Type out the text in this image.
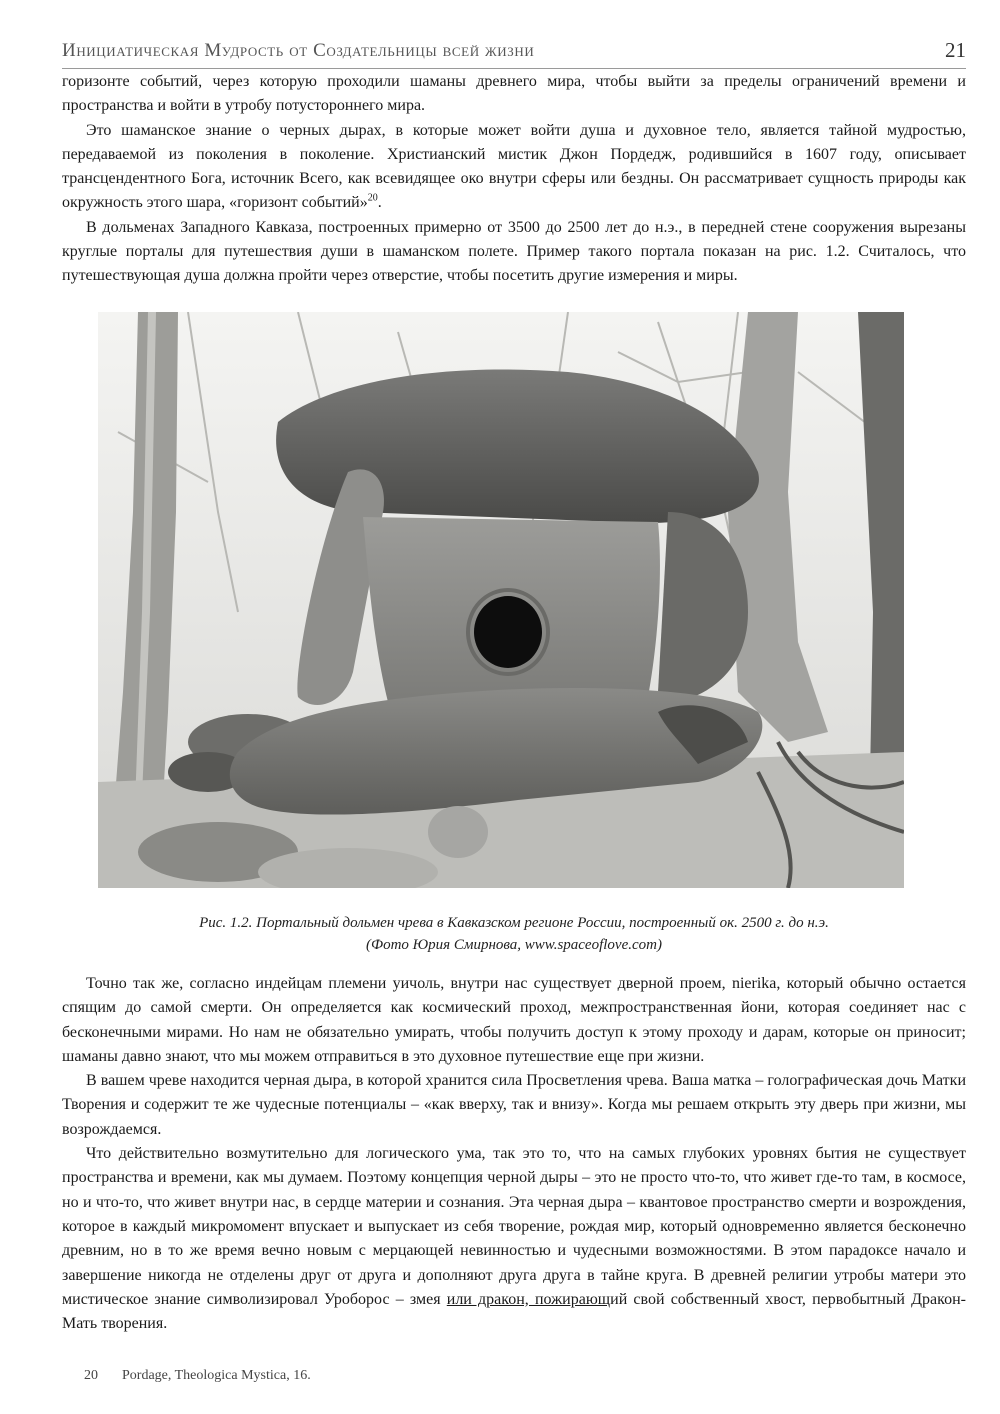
Инициатическая Мудрость от Создательницы всей жизни	21

горизонте событий, через которую проходили шаманы древнего мира, чтобы выйти за пределы ограничений времени и пространства и войти в утробу потустороннего мира.

Это шаманское знание о черных дырах, в которые может войти душа и духовное тело, является тайной мудростью, передаваемой из поколения в поколение. Христианский мистик Джон Пордедж, родившийся в 1607 году, описывает трансцендентного Бога, источник Всего, как всевидящее око внутри сферы или бездны. Он рассматривает сущность природы как окружность этого шара, «горизонт событий»$^{20}$.

В дольменах Западного Кавказа, построенных примерно от 3500 до 2500 лет до н.э., в передней стене сооружения вырезаны круглые порталы для путешествия души в шаманском полете. Пример такого портала показан на рис. 1.2. Считалось, что путешествующая душа должна пройти через отверстие, чтобы посетить другие измерения и миры.

Рис. 1.2. Портальный дольмен чрева в Кавказском регионе России, построенный ок. 2500 г. до н.э.
(Фото Юрия Смирнова, www.spaceoflove.com)

Точно так же, согласно индейцам племени уичоль, внутри нас существует дверной проем, nierika, который обычно остается спящим до самой смерти. Он определяется как космический проход, межпространственная йони, которая соединяет нас с бесконечными мирами. Но нам не обязательно умирать, чтобы получить доступ к этому проходу и дарам, которые он приносит; шаманы давно знают, что мы можем отправиться в это духовное путешествие еще при жизни.

В вашем чреве находится черная дыра, в которой хранится сила Просветления чрева. Ваша матка – голографическая дочь Матки Творения и содержит те же чудесные потенциалы – «как вверху, так и внизу». Когда мы решаем открыть эту дверь при жизни, мы возрождаемся.

Что действительно возмутительно для логического ума, так это то, что на самых глубоких уровнях бытия не существует пространства и времени, как мы думаем. Поэтому концепция черной дыры – это не просто что-то, что живет где-то там, в космосе, но и что-то, что живет внутри нас, в сердце материи и сознания. Эта черная дыра – квантовое пространство смерти и возрождения, которое в каждый микромомент впускает и выпускает из себя творение, рождая мир, который одновременно является бесконечно древним, но в то же время вечно новым с мерцающей невинностью и чудесными возможностями. В этом парадоксе начало и завершение никогда не отделены друг от друга и дополняют друга друга в тайне круга. В древней религии утробы матери это мистическое знание символизировал Уроборос – змея или дракон, пожирающий свой собственный хвост, первобытный Дракон-Мать творения.

20 Pordage, Theologica Mystica, 16.
